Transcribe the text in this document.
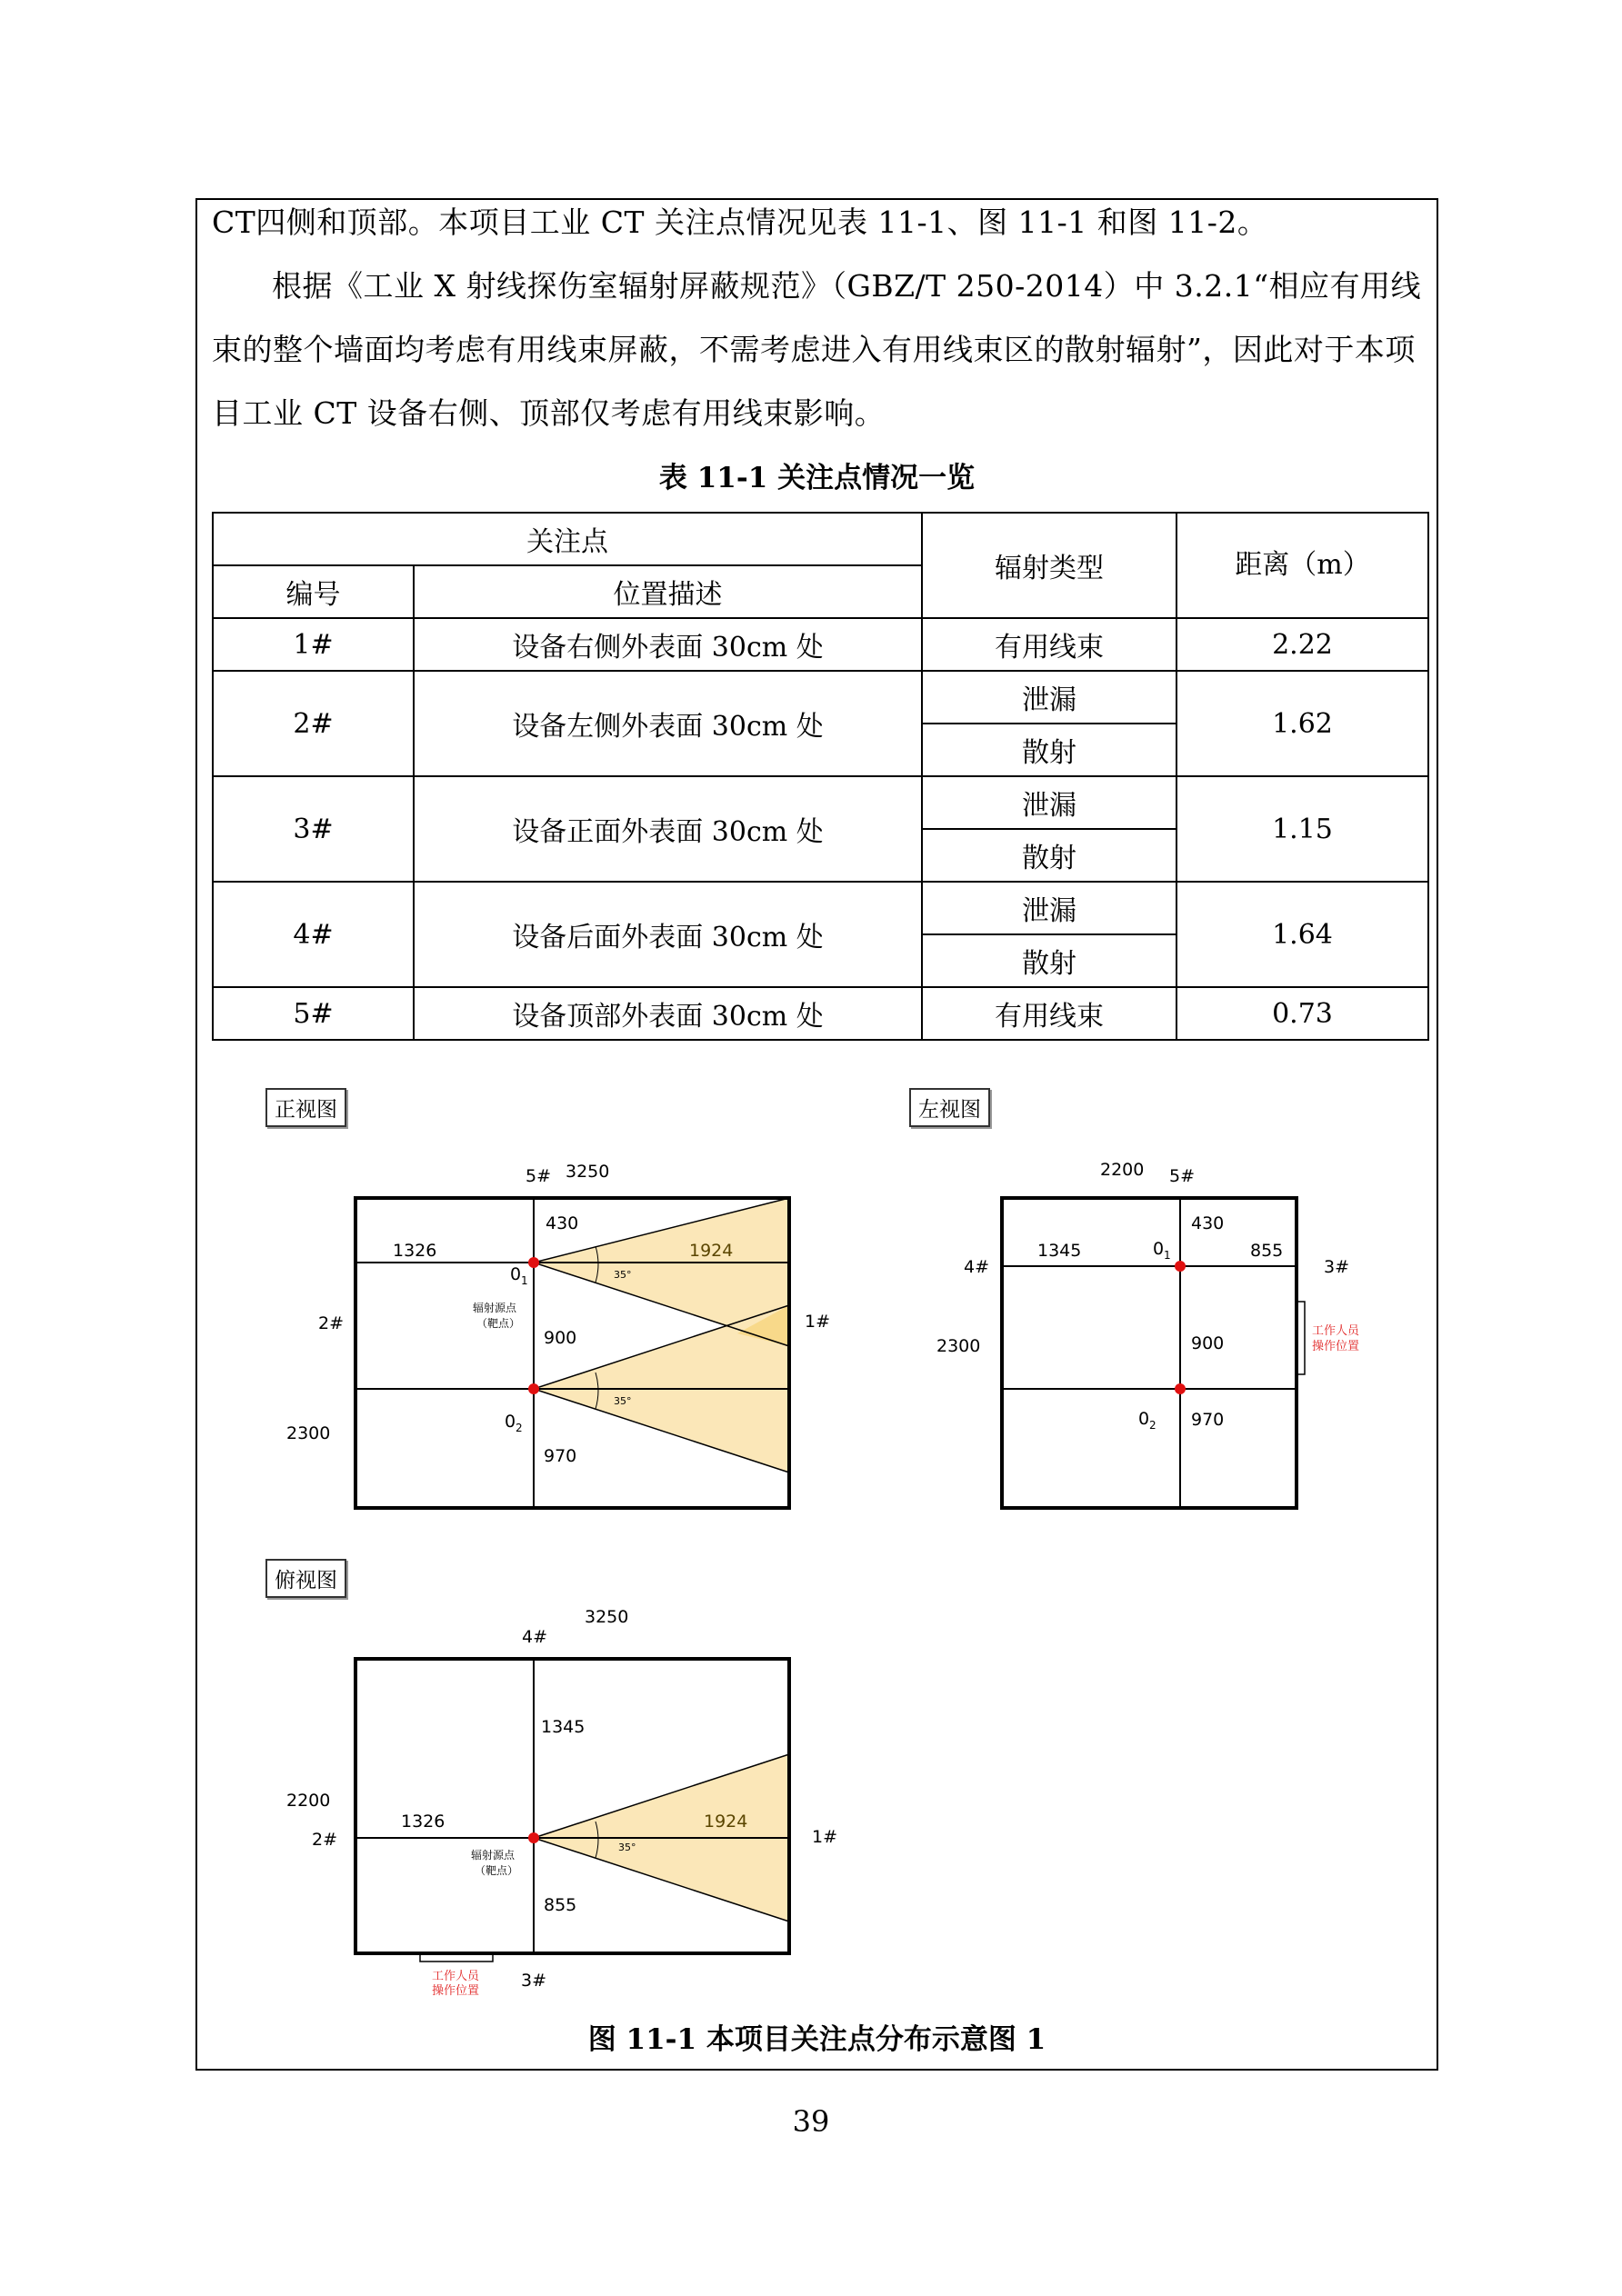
CT四侧和顶部。本项目工业 CT 关注点情况见表 11-1、图 11-1 和图 11-2。

根据《工业 X 射线探伤室辐射屏蔽规范》（GBZ/T 250-2014）中 3.2.1“相应有用线束的整个墙面均考虑有用线束屏蔽，不需考虑进入有用线束区的散射辐射”，因此对于本项目工业 CT 设备右侧、顶部仅考虑有用线束影响。

表 11-1 关注点情况一览
关注点		辐射类型	距离（m）
编号	位置描述		
1#	设备右侧外表面 30cm 处	有用线束	2.22
2#	设备左侧外表面 30cm 处	泄漏	1.62
		散射	
3#	设备正面外表面 30cm 处	泄漏	1.15
		散射	
4#	设备后面外表面 30cm 处	泄漏	1.64
		散射	
5#	设备顶部外表面 30cm 处	有用线束	0.73
正视图	左视图
俯视图
5# 3250
2#	1#
2300
1326
430
1924
900
970
35°
35°
0 1
0 2
辐射源点
（靶点）
2200 5#
4#	3#
2300
1345
430
855
900
970
0 1
0 2
工作人员
操作位置
4#
3250
2200
2#	1#
3#
1345
1326	1924
855
35°
辐射源点
（靶点）
工作人员
操作位置
图 11-1 本项目关注点分布示意图 1
39
